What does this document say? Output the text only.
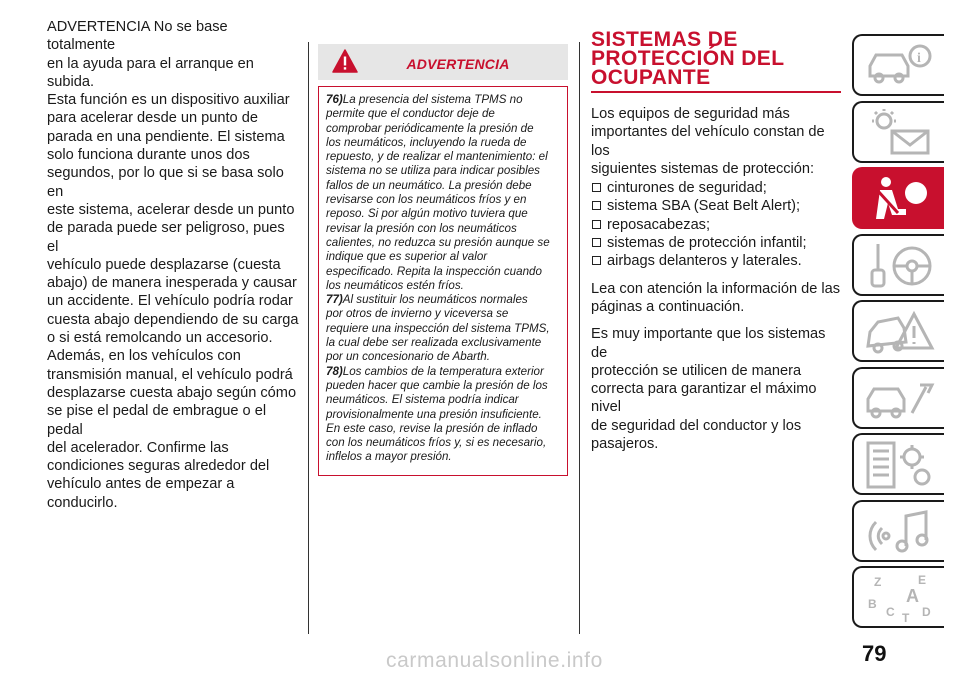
ADVERTENCIA No se base totalmente

en la ayuda para el arranque en subida.

Esta función es un dispositivo auxiliar

para acelerar desde un punto de

parada en una pendiente. El sistema

solo funciona durante unos dos

segundos, por lo que si se basa solo en

este sistema, acelerar desde un punto

de parada puede ser peligroso, pues el

vehículo puede desplazarse (cuesta

abajo) de manera inesperada y causar

un accidente. El vehículo podría rodar

cuesta abajo dependiendo de su carga

o si está remolcando un accesorio.

Además, en los vehículos con

transmisión manual, el vehículo podrá

desplazarse cuesta abajo según cómo

se pise el pedal de embrague o el pedal

del acelerador. Confirme las

condiciones seguras alrededor del

vehículo antes de empezar a

conducirlo.

ADVERTENCIA

76)La presencia del sistema TPMS no

permite que el conductor deje de

comprobar periódicamente la presión de

los neumáticos, incluyendo la rueda de

repuesto, y de realizar el mantenimiento: el

sistema no se utiliza para indicar posibles

fallos de un neumático. La presión debe

revisarse con los neumáticos fríos y en

reposo. Si por algún motivo tuviera que

revisar la presión con los neumáticos

calientes, no reduzca su presión aunque se

indique que es superior al valor

especificado. Repita la inspección cuando

los neumáticos estén fríos.

77)Al sustituir los neumáticos normales

por otros de invierno y viceversa se

requiere una inspección del sistema TPMS,

la cual debe ser realizada exclusivamente

por un concesionario de Abarth.

78)Los cambios de la temperatura exterior

pueden hacer que cambie la presión de los

neumáticos. El sistema podría indicar

provisionalmente una presión insuficiente.

En este caso, revise la presión de inflado

con los neumáticos fríos y, si es necesario,

inflelos a mayor presión.

SISTEMAS DE
PROTECCIÓN DEL
OCUPANTE

Los equipos de seguridad más
importantes del vehículo constan de los
siguientes sistemas de protección:

cinturones de seguridad;
sistema SBA (Seat Belt Alert);
reposacabezas;
sistemas de protección infantil;
airbags delanteros y laterales.

Lea con atención la información de las
páginas a continuación.

Es muy importante que los sistemas de
protección se utilicen de manera
correcta para garantizar el máximo nivel
de seguridad del conductor y los
pasajeros.

i
Z	E
B A
C D
T
79
carmanualsonline.info
